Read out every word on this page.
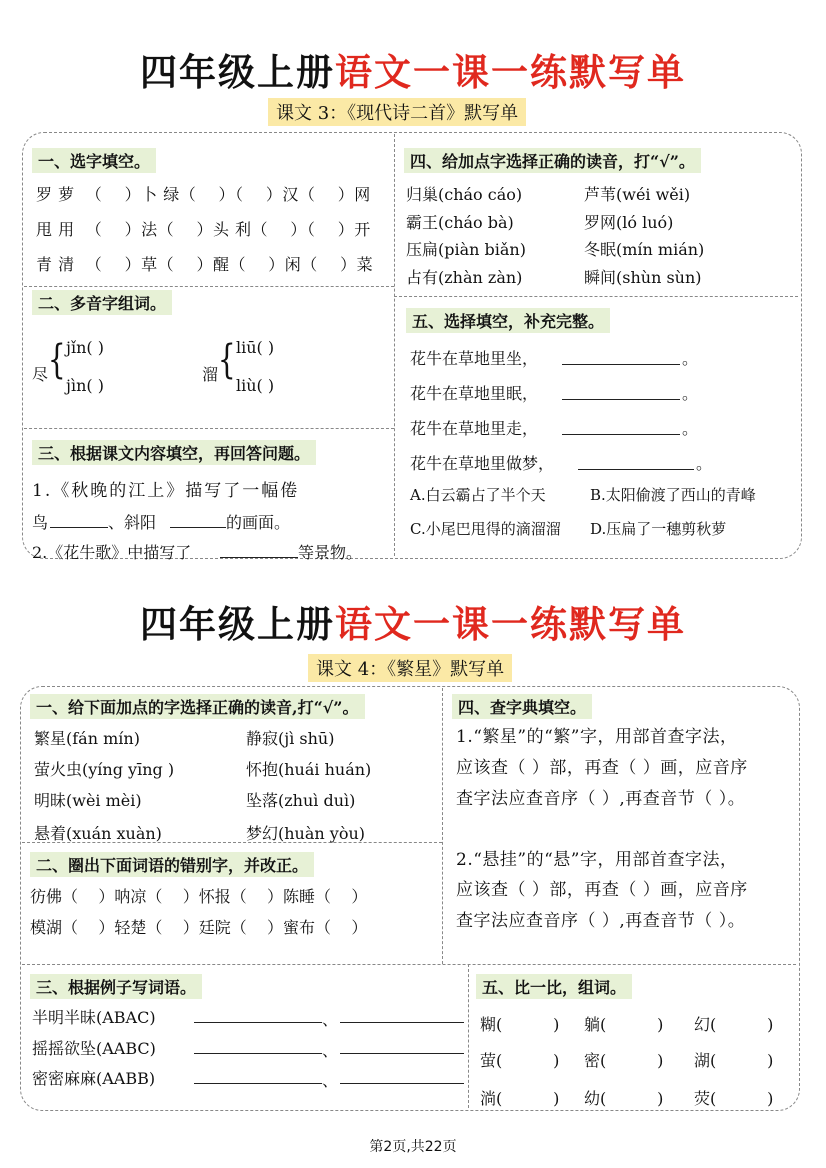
四年级上册语文一课一练默写单
课文 3：《现代诗二首》默写单
一、选字填空。
罗 萝  （    ）卜 绿（    ）（    ）汉（    ）网
甩 用  （    ）法（    ）头 利（    ）（    ）开
青 清  （    ）草（    ）醒（    ）闲（    ）菜
二、多音字组词。
尽 { jǐn( )
jìn( )
溜 { liū( )
liù( )
三、根据课文内容填空，再回答问题。
1.《秋晚的江上》描写了一幅倦
鸟	、斜阳	的画面。
2.《花牛歌》中描写了	等景物。
四、给加点字选择正确的读音，打“√”。
归巢(cháo cáo)	芦苇(wéi wěi)
霸王(cháo bà)	罗网(ló luó)
压扁(piàn biǎn)	冬眠(mín mián)
占有(zhàn zàn)	瞬间(shùn sùn)
五、选择填空，补充完整。
花牛在草地里坐，	。
花牛在草地里眠，	。
花牛在草地里走，	。
花牛在草地里做梦，	。
A.白云霸占了半个天	B.太阳偷渡了西山的青峰
C.小尾巴甩得的滴溜溜 D.压扁了一穗剪秋萝
四年级上册语文一课一练默写单
课文 4：《繁星》默写单
一、给下面加点的字选择正确的读音,打“√”。
繁星(fán mín)	静寂(jì shū)
萤火虫(yíng yīng )	怀抱(huái huán)
明昧(wèi mèi)	坠落(zhuì duì)
悬着(xuán xuàn)	梦幻(huàn yòu)
二、圈出下面词语的错别字，并改正。
彷佛（    ）呐凉（    ）怀报（    ）陈睡（    ）
模湖（    ）轻楚（    ）廷院（    ）蜜布（    ）
三、根据例子写词语。
半明半昧(ABAC)	、
摇摇欲坠(AABC)	、
密密麻麻(AABB)	、
四、查字典填空。
1.“繁星”的“繁”字，用部首查字法，
应该查（ ）部，再查（ ）画，应音序
查字法应查音序（ ）,再查音节（ ）。
2.“悬挂”的“悬”字，用部首查字法，
应该查（ ）部，再查（ ）画，应音序
查字法应查音序（ ）,再查音节（ ）。
五、比一比，组词。
糊(          ) 躺(          ) 幻(          )
萤(          ) 密(          ) 湖(          )
淌(          ) 幼(          ) 荧(          )
第2页,共22页
